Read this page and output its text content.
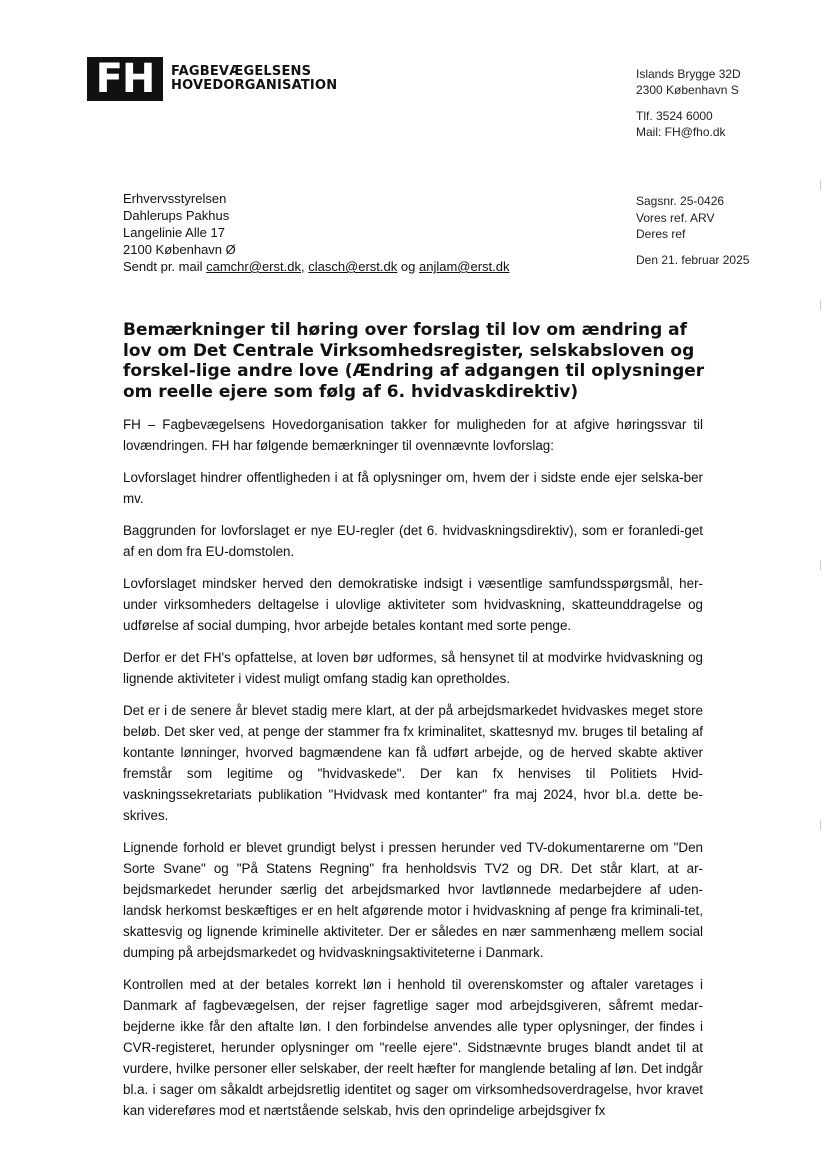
FH	FAGBEVÆGELSENS
HOVEDORGANISATION
Islands Brygge 32D
2300 København S
Tlf. 3524 6000
Mail: FH@fho.dk
Erhvervsstyrelsen
Dahlerups Pakhus
Langelinie Alle 17
2100 København Ø
Sendt pr. mail camchr@erst.dk, clasch@erst.dk og anjlam@erst.dk
Sagsnr. 25-0426
Vores ref. ARV
Deres ref
Den 21. februar 2025
Bemærkninger til høring over forslag til lov om ændring af lov om Det Centrale Virksomhedsregister, selskabsloven og forskel-lige andre love (Ændring af adgangen til oplysninger om reelle ejere som følg af 6. hvidvaskdirektiv)

FH – Fagbevægelsens Hovedorganisation takker for muligheden for at afgive høringssvar til lovændringen. FH har følgende bemærkninger til ovennævnte lovforslag:

Lovforslaget hindrer offentligheden i at få oplysninger om, hvem der i sidste ende ejer selska-ber mv.

Baggrunden for lovforslaget er nye EU-regler (det 6. hvidvaskningsdirektiv), som er foranledi-get af en dom fra EU-domstolen.

Lovforslaget mindsker herved den demokratiske indsigt i væsentlige samfundsspørgsmål, her-under virksomheders deltagelse i ulovlige aktiviteter som hvidvaskning, skatteunddragelse og udførelse af social dumping, hvor arbejde betales kontant med sorte penge.

Derfor er det FH's opfattelse, at loven bør udformes, så hensynet til at modvirke hvidvaskning og lignende aktiviteter i videst muligt omfang stadig kan opretholdes.

Det er i de senere år blevet stadig mere klart, at der på arbejdsmarkedet hvidvaskes meget store beløb. Det sker ved, at penge der stammer fra fx kriminalitet, skattesnyd mv. bruges til betaling af kontante lønninger, hvorved bagmændene kan få udført arbejde, og de herved skabte aktiver fremstår som legitime og "hvidvaskede". Der kan fx henvises til Politiets Hvid-vaskningssekretariats publikation "Hvidvask med kontanter" fra maj 2024, hvor bl.a. dette be-skrives.

Lignende forhold er blevet grundigt belyst i pressen herunder ved TV-dokumentarerne om "Den Sorte Svane" og "På Statens Regning" fra henholdsvis TV2 og DR. Det står klart, at ar-bejdsmarkedet herunder særlig det arbejdsmarked hvor lavtlønnede medarbejdere af uden-landsk herkomst beskæftiges er en helt afgørende motor i hvidvaskning af penge fra kriminali-tet, skattesvig og lignende kriminelle aktiviteter. Der er således en nær sammenhæng mellem social dumping på arbejdsmarkedet og hvidvaskningsaktiviteterne i Danmark.

Kontrollen med at der betales korrekt løn i henhold til overenskomster og aftaler varetages i Danmark af fagbevægelsen, der rejser fagretlige sager mod arbejdsgiveren, såfremt medar-bejderne ikke får den aftalte løn. I den forbindelse anvendes alle typer oplysninger, der findes i CVR-registeret, herunder oplysninger om "reelle ejere". Sidstnævnte bruges blandt andet til at vurdere, hvilke personer eller selskaber, der reelt hæfter for manglende betaling af løn. Det indgår bl.a. i sager om såkaldt arbejdsretlig identitet og sager om virksomhedsoverdragelse, hvor kravet kan videreføres mod et nærtstående selskab, hvis den oprindelige arbejdsgiver fx
